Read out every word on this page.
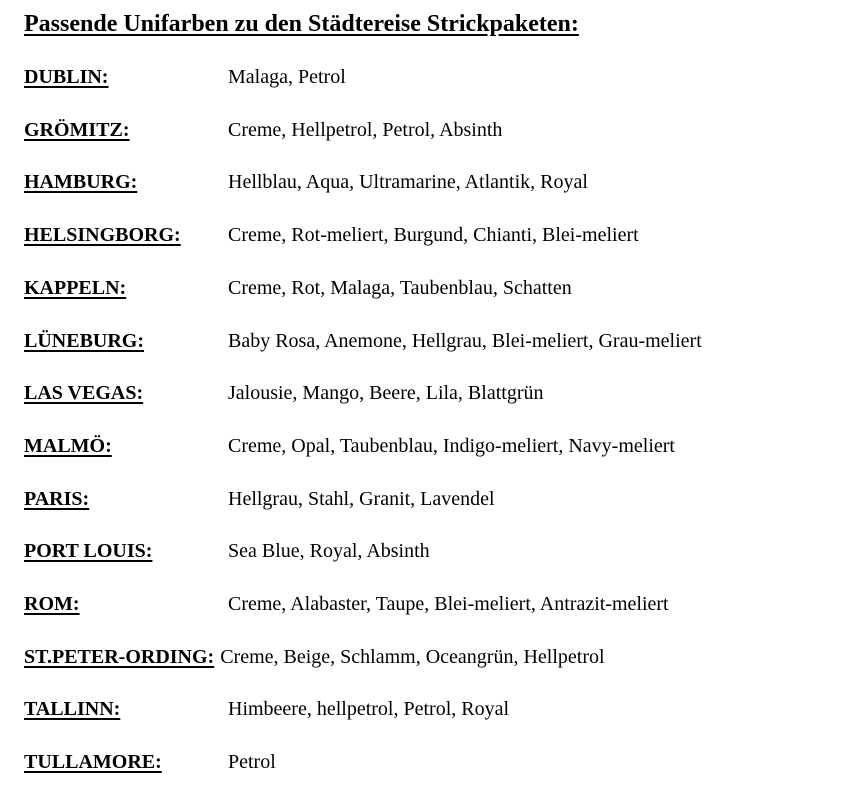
Passende Unifarben zu den Städtereise Strickpaketen:
DUBLIN:	Malaga, Petrol
GRÖMITZ:	Creme, Hellpetrol, Petrol, Absinth
HAMBURG:	Hellblau, Aqua, Ultramarine, Atlantik, Royal
HELSINGBORG: Creme, Rot-meliert, Burgund, Chianti, Blei-meliert
KAPPELN:	Creme, Rot, Malaga, Taubenblau, Schatten
LÜNEBURG:	Baby Rosa, Anemone, Hellgrau, Blei-meliert, Grau-meliert
LAS VEGAS:	Jalousie, Mango, Beere, Lila, Blattgrün
MALMÖ:	Creme, Opal, Taubenblau, Indigo-meliert, Navy-meliert
PARIS:	Hellgrau, Stahl, Granit, Lavendel
PORT LOUIS:	Sea Blue, Royal, Absinth
ROM:	Creme, Alabaster, Taupe, Blei-meliert, Antrazit-meliert
ST.PETER-ORDING: Creme, Beige, Schlamm, Oceangrün, Hellpetrol
TALLINN:	Himbeere, hellpetrol, Petrol, Royal
TULLAMORE:	Petrol
